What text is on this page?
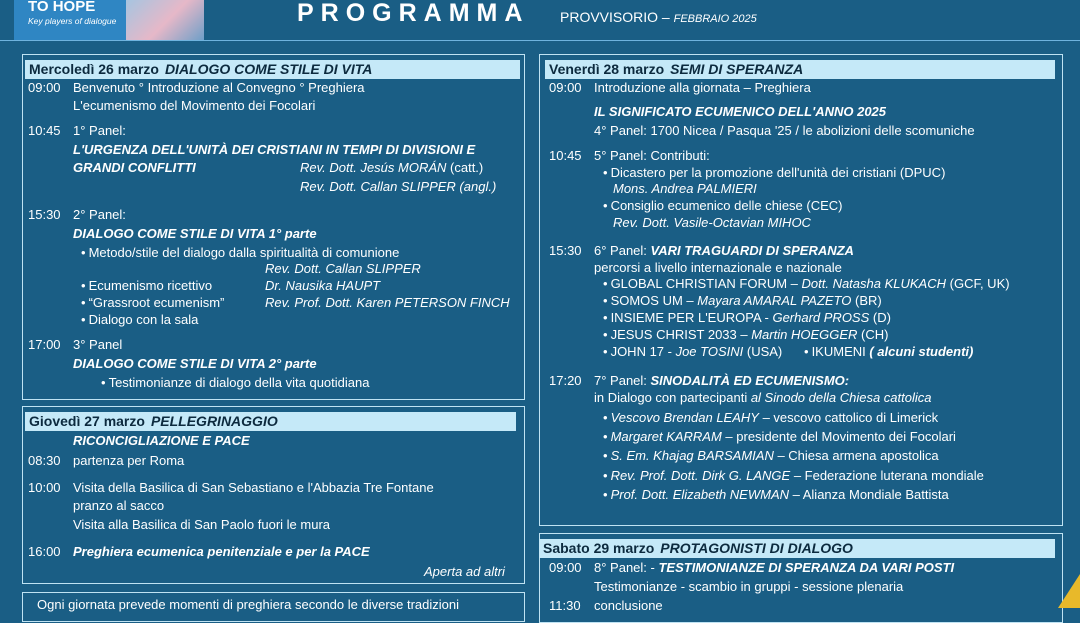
TO HOPE
Key players of dialogue	PROGRAMMA PROVVISORIO – FEBBRAIO 2025
Mercoledì 26 marzo DIALOGO COME STILE DI VITA
09:00 Benvenuto ° Introduzione al Convegno ° Preghiera
L'ecumenismo del Movimento dei Focolari
10:45 1° Panel:
L'URGENZA DELL'UNITÀ DEI CRISTIANI IN TEMPI DI DIVISIONI E
GRANDI CONFLITTI	Rev. Dott. Jesús MORÁN (catt.)
Rev. Dott. Callan SLIPPER (angl.)
15:30 2° Panel:
DIALOGO COME STILE DI VITA 1° parte
• Metodo/stile del dialogo dalla spiritualità di comunione
Rev. Dott. Callan SLIPPER
• Ecumenismo ricettivo	Dr. Nausika HAUPT
• “Grassroot ecumenism”	Rev. Prof. Dott. Karen PETERSON FINCH
• Dialogo con la sala
17:00 3° Panel
DIALOGO COME STILE DI VITA 2° parte
• Testimonianze di dialogo della vita quotidiana
Giovedì 27 marzo PELLEGRINAGGIO
RICONCIGLIAZIONE E PACE
08:30 partenza per Roma
10:00 Visita della Basilica di San Sebastiano e l'Abbazia Tre Fontane
pranzo al sacco
Visita alla Basilica di San Paolo fuori le mura
16:00 Preghiera ecumenica penitenziale e per la PACE
Aperta ad altri
Ogni giornata prevede momenti di preghiera secondo le diverse tradizioni
Venerdì 28 marzo SEMI DI SPERANZA
09:00 Introduzione alla giornata – Preghiera
IL SIGNIFICATO ECUMENICO DELL'ANNO 2025
4° Panel: 1700 Nicea / Pasqua '25 / le abolizioni delle scomuniche
10:45 5° Panel: Contributi:
• Dicastero per la promozione dell'unità dei cristiani (DPUC)
Mons. Andrea PALMIERI
• Consiglio ecumenico delle chiese (CEC)
Rev. Dott. Vasile-Octavian MIHOC
15:30 6° Panel: VARI TRAGUARDI DI SPERANZA
percorsi a livello internazionale e nazionale
• GLOBAL CHRISTIAN FORUM – Dott. Natasha KLUKACH (GCF, UK)
• SOMOS UM – Mayara AMARAL PAZETO (BR)
• INSIEME PER L'EUROPA - Gerhard PROSS (D)
• JESUS CHRIST 2033 – Martin HOEGGER (CH)
• JOHN 17 - Joe TOSINI (USA)
•	IKUMENI ( alcuni studenti)
17:20 7° Panel: SINODALITÀ ED ECUMENISMO:
in Dialogo con partecipanti al Sinodo della Chiesa cattolica
• Vescovo Brendan LEAHY – vescovo cattolico di Limerick
• Margaret KARRAM – presidente del Movimento dei Focolari
• S. Em. Khajag BARSAMIAN – Chiesa armena apostolica
• Rev. Prof. Dott. Dirk G. LANGE – Federazione luterana mondiale
• Prof. Dott. Elizabeth NEWMAN – Alianza Mondiale Battista
Sabato 29 marzo PROTAGONISTI DI DIALOGO
09:00 8° Panel: - TESTIMONIANZE DI SPERANZA DA VARI POSTI
Testimonianze - scambio in gruppi - sessione plenaria
11:30 conclusione
